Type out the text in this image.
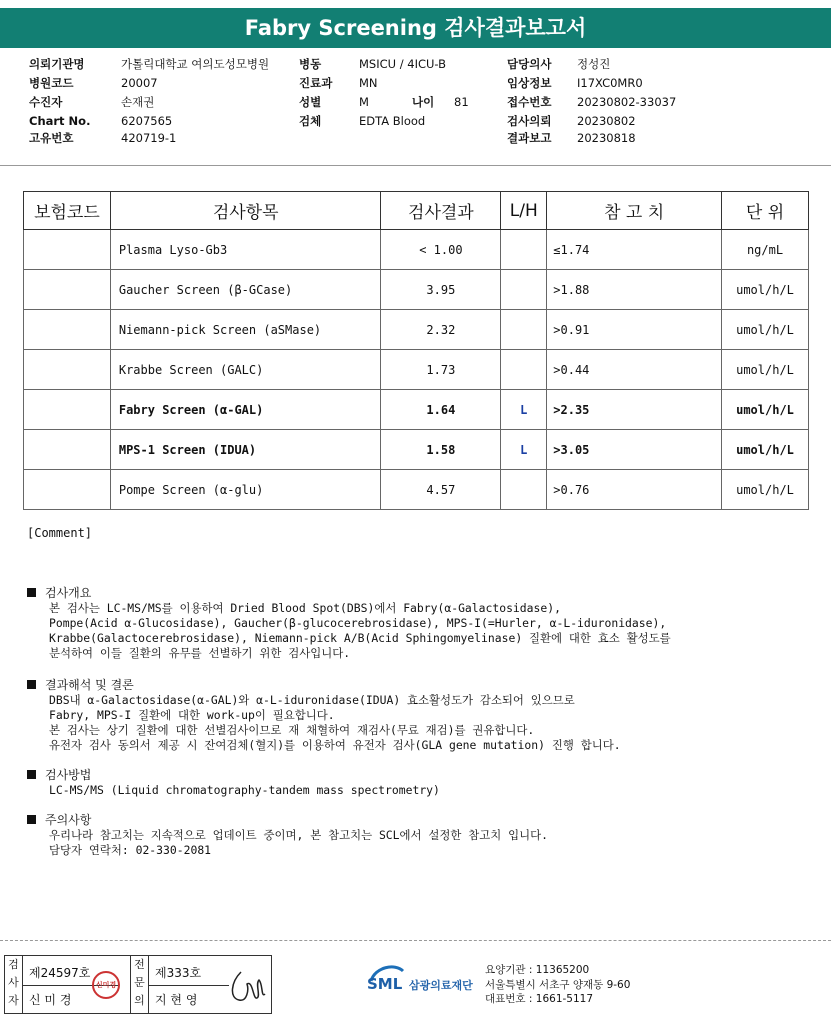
Fabry Screening 검사결과보고서
의뢰기관명	가톨릭대학교 여의도성모병원
병원코드	20007
수진자	손재권
Chart No.	6207565
고유번호	420719-1
병동	MSICU / 4ICU-B
진료과	MN
성별	M	나이	81
검체	EDTA Blood
담당의사	정성진
임상정보	I17XC0MR0
접수번호	20230802-33037
검사의뢰	20230802
결과보고	20230818
보험코드	검사항목	검사결과	L/H	참 고 치	단 위
	Plasma Lyso-Gb3	< 1.00		≤1.74	ng/mL
	Gaucher Screen (β-GCase)	3.95		>1.88	umol/h/L
	Niemann-pick Screen (aSMase)	2.32		>0.91	umol/h/L
	Krabbe Screen (GALC)	1.73		>0.44	umol/h/L
	Fabry Screen (α-GAL)	1.64	L	>2.35	umol/h/L
	MPS-1 Screen (IDUA)	1.58	L	>3.05	umol/h/L
	Pompe Screen (α-glu)	4.57		>0.76	umol/h/L
[Comment]
검사개요
본 검사는 LC-MS/MS를 이용하여 Dried Blood Spot(DBS)에서 Fabry(α-Galactosidase),
Pompe(Acid α-Glucosidase), Gaucher(β-glucocerebrosidase), MPS-I(=Hurler, α-L-iduronidase),
Krabbe(Galactocerebrosidase), Niemann-pick A/B(Acid Sphingomyelinase) 질환에 대한 효소 활성도를
분석하여 이들 질환의 유무를 선별하기 위한 검사입니다.
결과해석 및 결론
DBS내 α-Galactosidase(α-GAL)와 α-L-iduronidase(IDUA) 효소활성도가 감소되어 있으므로
Fabry, MPS-I 질환에 대한 work-up이 필요합니다.
본 검사는 상기 질환에 대한 선별검사이므로 재 채혈하여 재검사(무료 재검)를 권유합니다.
유전자 검사 동의서 제공 시 잔여검체(혈지)를 이용하여 유전자 검사(GLA gene mutation) 진행 합니다.
검사방법
LC-MS/MS (Liquid chromatography-tandem mass spectrometry)
주의사항
우리나라 참고치는 지속적으로 업데이트 중이며, 본 참고치는 SCL에서 설정한 참고치 입니다.
담당자 연락처: 02-330-2081
검사자
제24597호
신 미 경
신미경
전문의
제333호
지 현 영
SML 삼광의료재단
요양기관 : 11365200
서울특별시 서초구 양재동 9-60
대표번호 : 1661-5117
